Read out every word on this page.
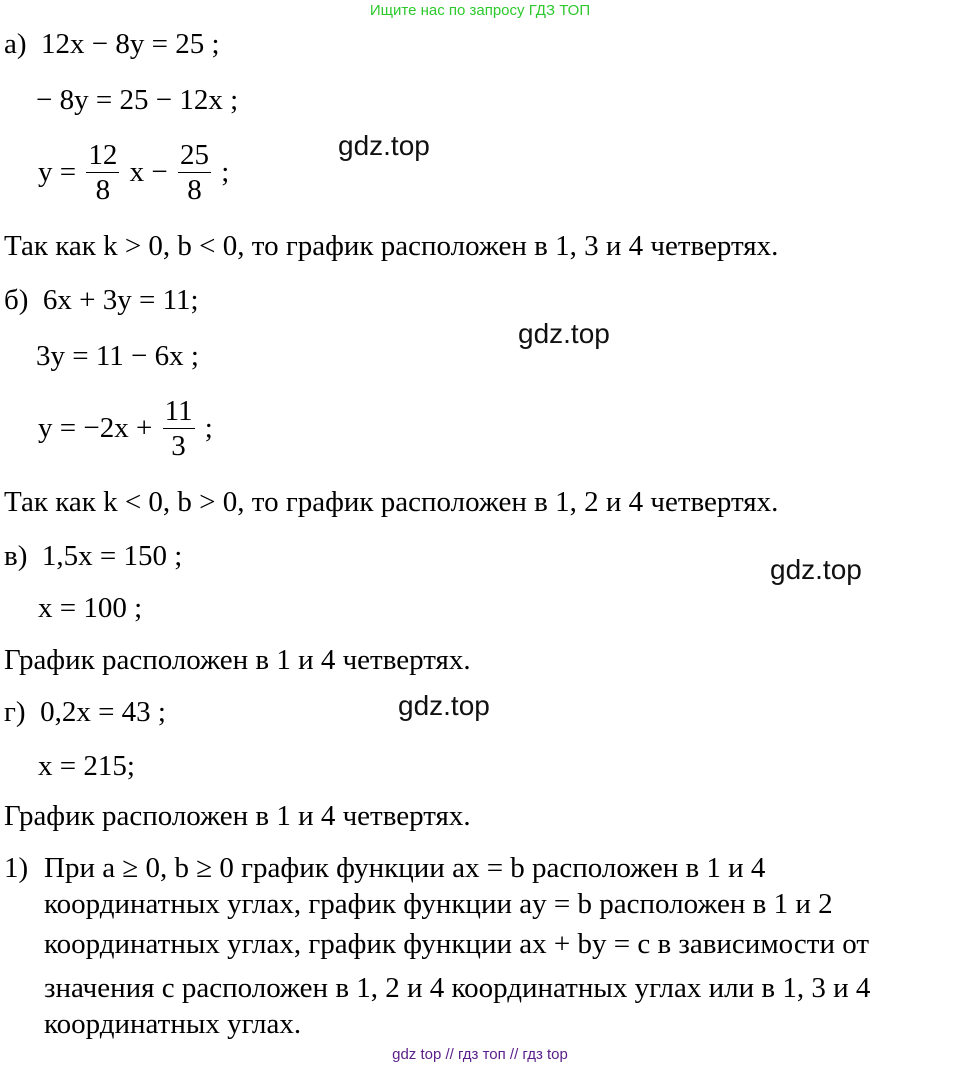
Ищите нас по запросу ГДЗ ТОП
а) 12x − 8y = 25 ;
− 8y = 25 − 12x ;
$y = \frac{12}{8}$ $x - \frac{25}{8}$ ;
gdz.top
Так как k > 0, b < 0, то график расположен в 1, 3 и 4 четвертях.
б) 6x + 3y = 11;
gdz.top
3y = 11 − 6x ;
$y = -2x + \frac{11}{3}$ ;
Так как k < 0, b > 0, то график расположен в 1, 2 и 4 четвертях.
в) 1,5x = 150 ;	gdz.top
x = 100 ;
График расположен в 1 и 4 четвертях.
г) 0,2x = 43 ;	gdz.top
x = 215;
График расположен в 1 и 4 четвертях.
1) При a ≥ 0, b ≥ 0 график функции ax = b расположен в 1 и 4
координатных углах, график функции ay = b расположен в 1 и 2
координатных углах, график функции ax + by = c в зависимости от
значения c расположен в 1, 2 и 4 координатных углах или в 1, 3 и 4
координатных углах.
gdz top // гдз топ // гдз top
